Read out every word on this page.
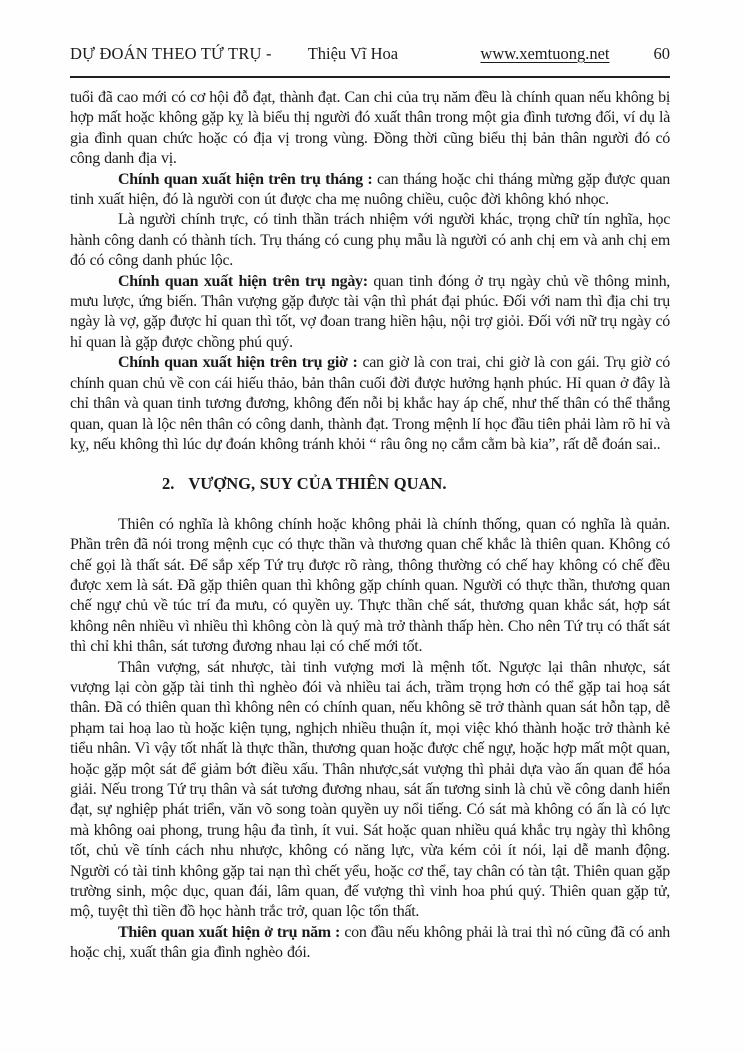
DỰ ĐOÁN THEO TỨ TRỤ - Thiệu Vĩ Hoa	www.xemtuong.net	60

tuổi đã cao mới có cơ hội đỗ đạt, thành đạt. Can chi của trụ năm đều là chính quan nếu không bị hợp mất hoặc không gặp kỵ là biểu thị người đó xuất thân trong một gia đình tương đối, ví dụ là gia đình quan chức hoặc có địa vị trong vùng. Đồng thời cũng biểu thị bản thân người đó có công danh địa vị.

Chính quan xuất hiện trên trụ tháng : can tháng hoặc chi tháng mừng gặp được quan tinh xuất hiện, đó là người con út được cha mẹ nuông chiều, cuộc đời không khó nhọc.

Là người chính trực, có tinh thần trách nhiệm với người khác, trọng chữ tín nghĩa, học hành công danh có thành tích. Trụ tháng có cung phụ mẫu là người có anh chị em và anh chị em đó có công danh phúc lộc.

Chính quan xuất hiện trên trụ ngày: quan tinh đóng ở trụ ngày chủ về thông minh, mưu lược, ứng biến. Thân vượng gặp được tài vận thì phát đại phúc. Đối với nam thì địa chi trụ ngày là vợ, gặp được hỉ quan thì tốt, vợ đoan trang hiền hậu, nội trợ giỏi. Đối với nữ trụ ngày có hỉ quan là gặp được chồng phú quý.

Chính quan xuất hiện trên trụ giờ : can giờ là con trai, chi giờ là con gái. Trụ giờ có chính quan chủ về con cái hiếu thảo, bản thân cuối đời được hưởng hạnh phúc. Hỉ quan ở đây là chỉ thân và quan tinh tương đương, không đến nỗi bị khắc hay áp chế, như thế thân có thể thắng quan, quan là lộc nên thân có công danh, thành đạt. Trong mệnh lí học đầu tiên phải làm rõ hỉ và kỵ, nếu không thì lúc dự đoán không tránh khỏi “ râu ông nọ cắm cằm bà kia”, rất dễ đoán sai..

2. VƯỢNG, SUY CỦA THIÊN QUAN.

Thiên có nghĩa là không chính hoặc không phải là chính thống, quan có nghĩa là quản. Phần trên đã nói trong mệnh cục có thực thần và thương quan chế khắc là thiên quan. Không có chế gọi là thất sát. Để sắp xếp Tứ trụ được rõ ràng, thông thường có chế hay không có chế đều được xem là sát. Đã gặp thiên quan thì không gặp chính quan. Người có thực thần, thương quan chế ngự chủ về túc trí đa mưu, có quyền uy. Thực thần chế sát, thương quan khắc sát, hợp sát không nên nhiều vì nhiều thì không còn là quý mà trở thành thấp hèn. Cho nên Tứ trụ có thất sát thì chỉ khi thân, sát tương đương nhau lại có chế mới tốt.

Thân vượng, sát nhược, tài tinh vượng mơi là mệnh tốt. Ngược lại thân nhược, sát vượng lại còn gặp tài tinh thì nghèo đói và nhiều tai ách, trầm trọng hơn có thể gặp tai hoạ sát thân. Đã có thiên quan thì không nên có chính quan, nếu không sẽ trở thành quan sát hỗn tạp, dễ phạm tai hoạ lao tù hoặc kiện tụng, nghịch nhiều thuận ít, mọi việc khó thành hoặc trở thành kẻ tiểu nhân. Vì vậy tốt nhất là thực thần, thương quan hoặc được chế ngự, hoặc hợp mất một quan, hoặc gặp một sát để giảm bớt điều xấu. Thân nhược,sát vượng thì phải dựa vào ấn quan để hóa giải. Nếu trong Tứ trụ thân và sát tương đương nhau, sát ấn tương sinh là chủ về công danh hiển đạt, sự nghiệp phát triển, văn võ song toàn quyền uy nổi tiếng. Có sát mà không có ấn là có lực mà không oai phong, trung hậu đa tình, ít vui. Sát hoặc quan nhiều quá khắc trụ ngày thì không tốt, chủ về tính cách nhu nhược, không có năng lực, vừa kém cỏi ít nói, lại dễ manh động. Người có tài tinh không gặp tai nạn thì chết yểu, hoặc cơ thể, tay chân có tàn tật. Thiên quan gặp trường sinh, mộc dục, quan đái, lâm quan, đế vượng thì vinh hoa phú quý. Thiên quan gặp tử, mộ, tuyệt thì tiền đồ học hành trắc trở, quan lộc tổn thất.

Thiên quan xuất hiện ở trụ năm : con đầu nếu không phải là trai thì nó cũng đã có anh hoặc chị, xuất thân gia đình nghèo đói.
